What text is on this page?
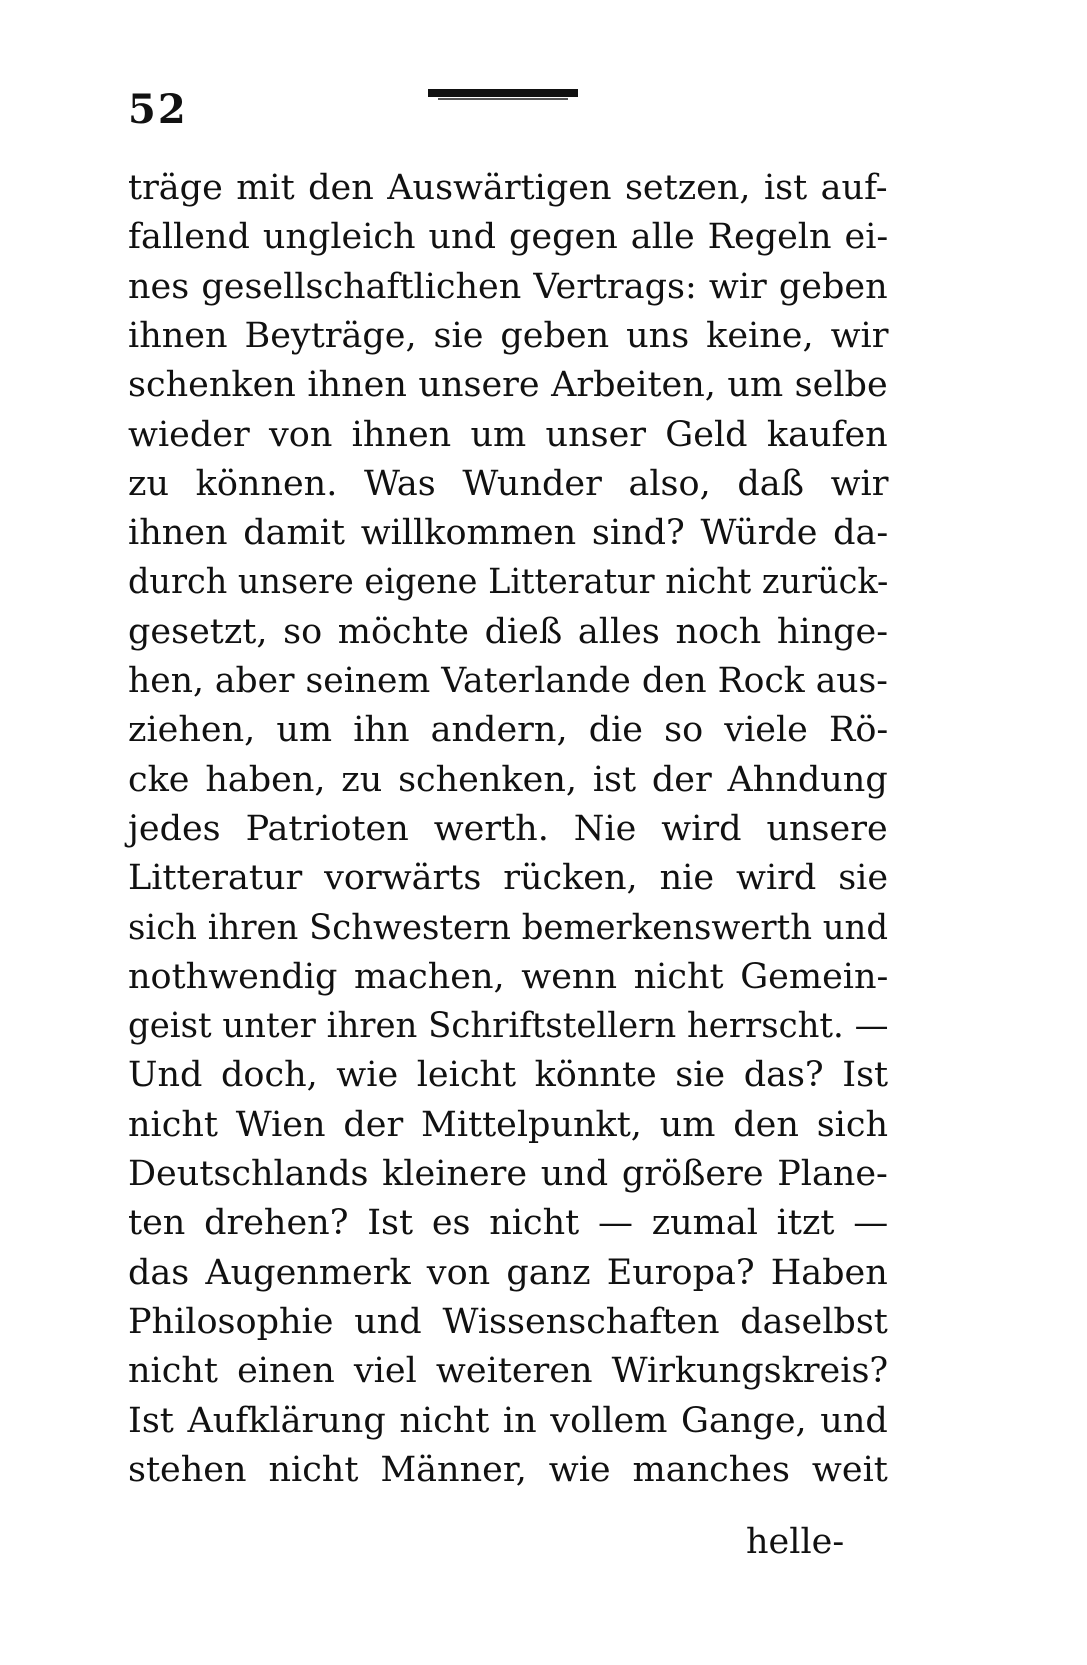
52
träge mit den Auswärtigen setzen, ist auf-
fallend ungleich und gegen alle Regeln ei-
nes gesellschaftlichen Vertrags: wir geben
ihnen Beyträge, sie geben uns keine, wir
schenken ihnen unsere Arbeiten, um selbe
wieder von ihnen um unser Geld kaufen
zu können. Was Wunder also, daß wir
ihnen damit willkommen sind? Würde da-
durch unsere eigene Litteratur nicht zurück-
gesetzt, so möchte dieß alles noch hinge-
hen, aber seinem Vaterlande den Rock aus-
ziehen, um ihn andern, die so viele Rö-
cke haben, zu schenken, ist der Ahndung
jedes Patrioten werth. Nie wird unsere
Litteratur vorwärts rücken, nie wird sie
sich ihren Schwestern bemerkenswerth und
nothwendig machen, wenn nicht Gemein-
geist unter ihren Schriftstellern herrscht. —
Und doch, wie leicht könnte sie das? Ist
nicht Wien der Mittelpunkt, um den sich
Deutschlands kleinere und größere Plane-
ten drehen? Ist es nicht — zumal itzt —
das Augenmerk von ganz Europa? Haben
Philosophie und Wissenschaften daselbst
nicht einen viel weiteren Wirkungskreis?
Ist Aufklärung nicht in vollem Gange, und
stehen nicht Männer, wie manches weit
helle-
